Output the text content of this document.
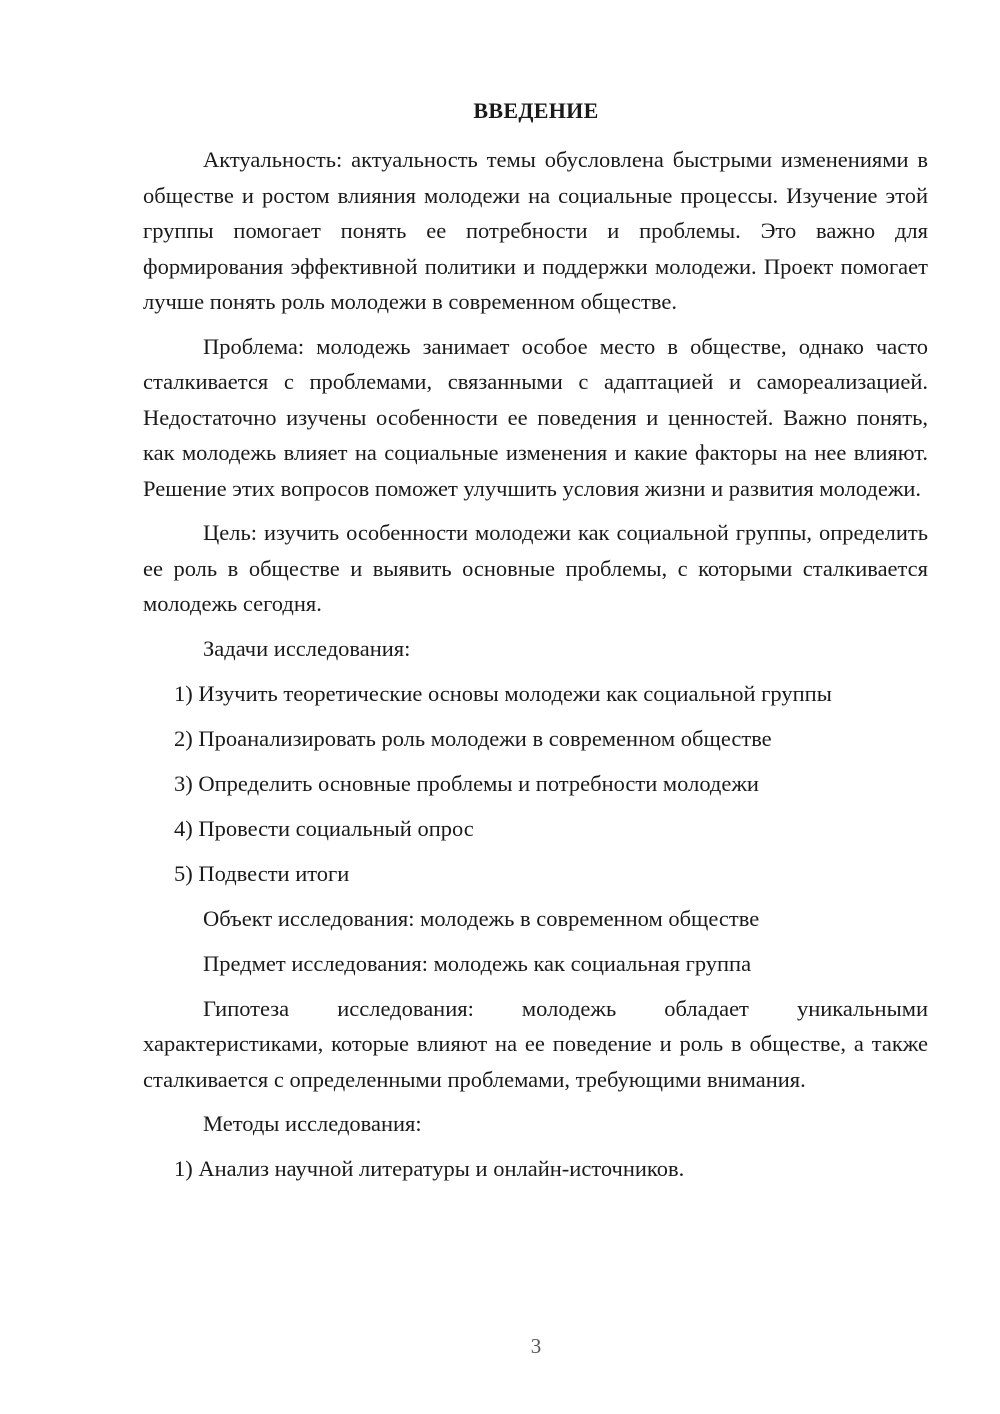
ВВЕДЕНИЕ

Актуальность: актуальность темы обусловлена быстрыми изменениями в обществе и ростом влияния молодежи на социальные процессы. Изучение этой группы помогает понять ее потребности и проблемы. Это важно для формирования эффективной политики и поддержки молодежи. Проект помогает лучше понять роль молодежи в современном обществе.

Проблема: молодежь занимает особое место в обществе, однако часто сталкивается с проблемами, связанными с адаптацией и самореализацией. Недостаточно изучены особенности ее поведения и ценностей. Важно понять, как молодежь влияет на социальные изменения и какие факторы на нее влияют. Решение этих вопросов поможет улучшить условия жизни и развития молодежи.

Цель: изучить особенности молодежи как социальной группы, определить ее роль в обществе и выявить основные проблемы, с которыми сталкивается молодежь сегодня.

Задачи исследования:
1) Изучить теоретические основы молодежи как социальной группы
2) Проанализировать роль молодежи в современном обществе
3) Определить основные проблемы и потребности молодежи
4) Провести социальный опрос
5) Подвести итоги
Объект исследования: молодежь в современном обществе
Предмет исследования: молодежь как социальная группа

Гипотеза исследования: молодежь обладает уникальными характеристиками, которые влияют на ее поведение и роль в обществе, а также сталкивается с определенными проблемами, требующими внимания.

Методы исследования:
1) Анализ научной литературы и онлайн-источников.
3
